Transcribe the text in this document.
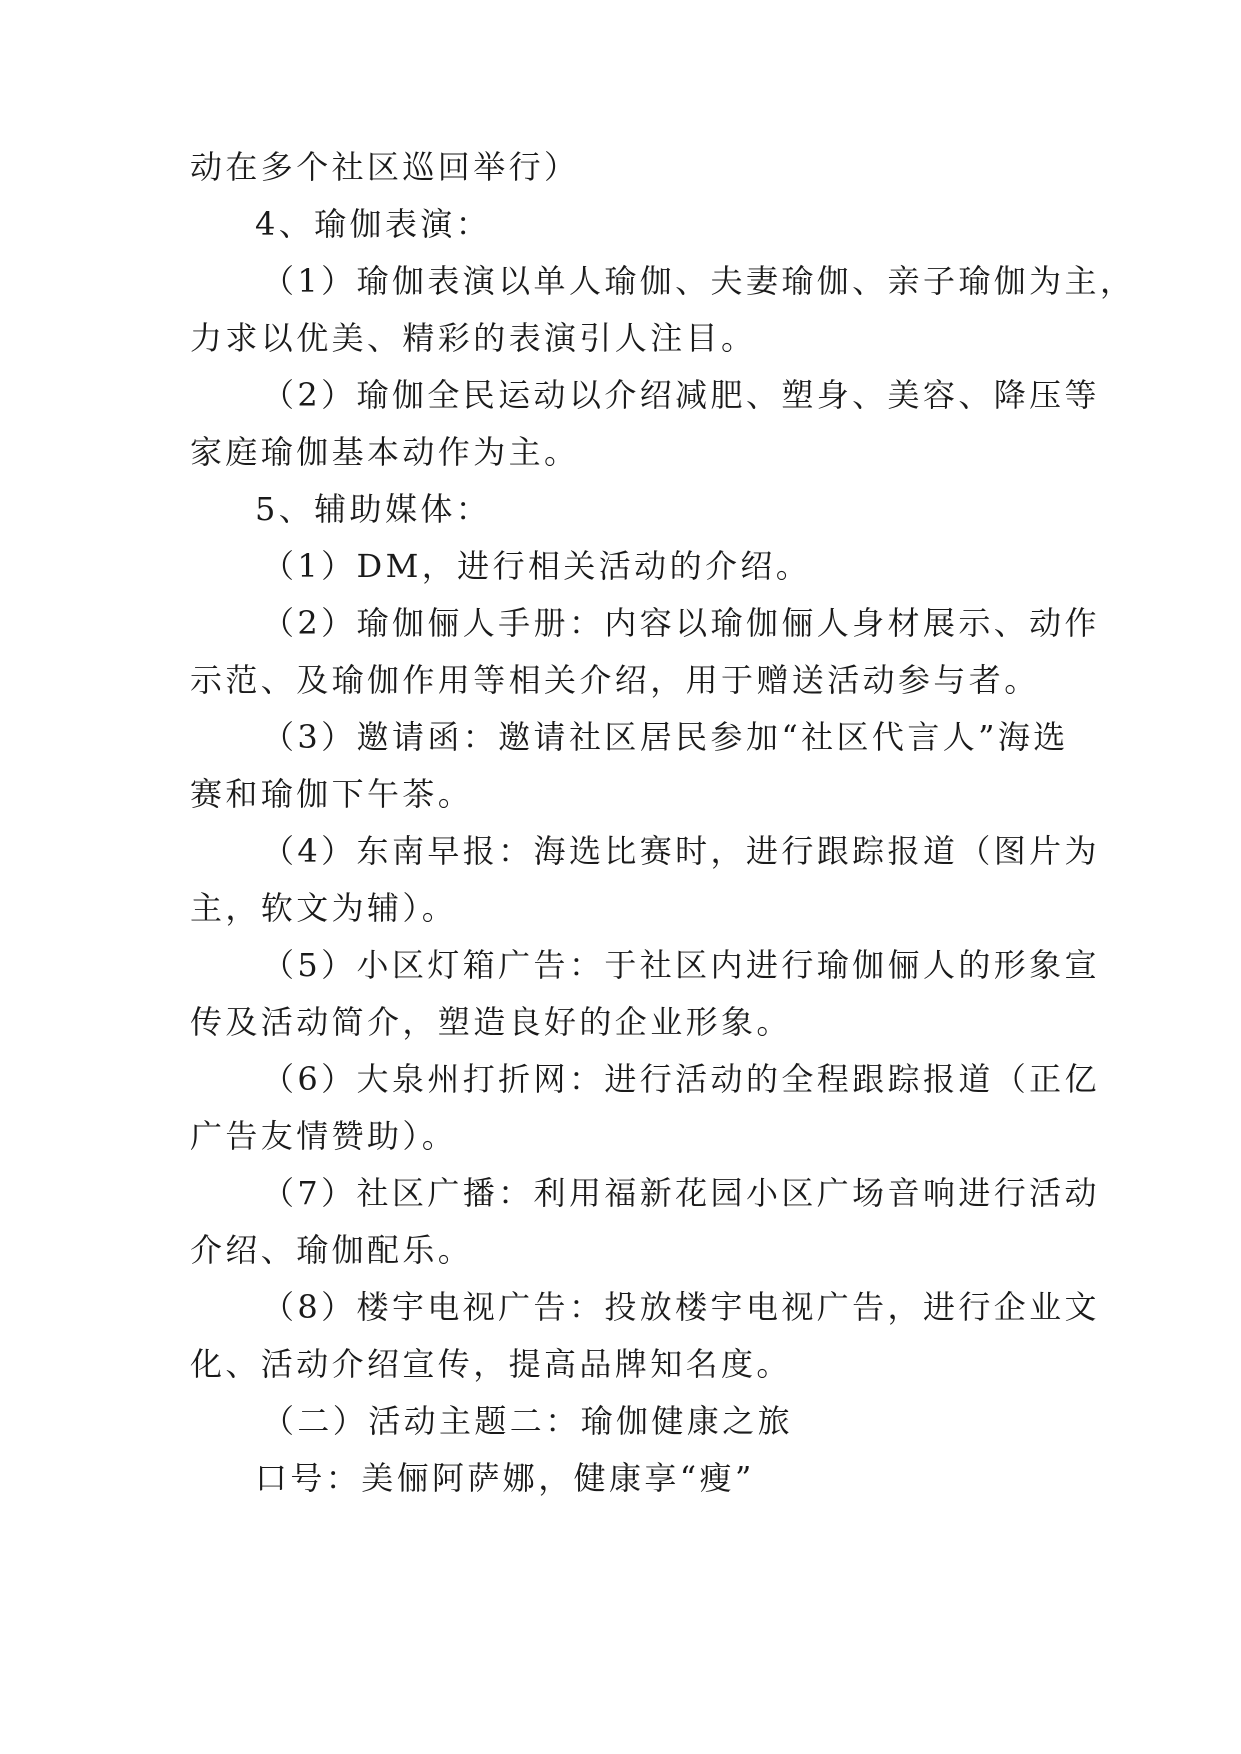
动在多个社区巡回举行）

4、瑜伽表演：

（1）瑜伽表演以单人瑜伽、夫妻瑜伽、亲子瑜伽为主，

力求以优美、精彩的表演引人注目。

（2）瑜伽全民运动以介绍减肥、塑身、美容、降压等

家庭瑜伽基本动作为主。

5、辅助媒体：

（1）DM，进行相关活动的介绍。

（2）瑜伽俪人手册：内容以瑜伽俪人身材展示、动作

示范、及瑜伽作用等相关介绍，用于赠送活动参与者。

（3）邀请函：邀请社区居民参加“社区代言人”海选

赛和瑜伽下午茶。

（4）东南早报：海选比赛时，进行跟踪报道（图片为

主，软文为辅）。

（5）小区灯箱广告：于社区内进行瑜伽俪人的形象宣

传及活动简介，塑造良好的企业形象。

（6）大泉州打折网：进行活动的全程跟踪报道（正亿

广告友情赞助）。

（7）社区广播：利用福新花园小区广场音响进行活动

介绍、瑜伽配乐。

（8）楼宇电视广告：投放楼宇电视广告，进行企业文

化、活动介绍宣传，提高品牌知名度。

（二）活动主题二：瑜伽健康之旅

口号：美俪阿萨娜，健康享“瘦”
